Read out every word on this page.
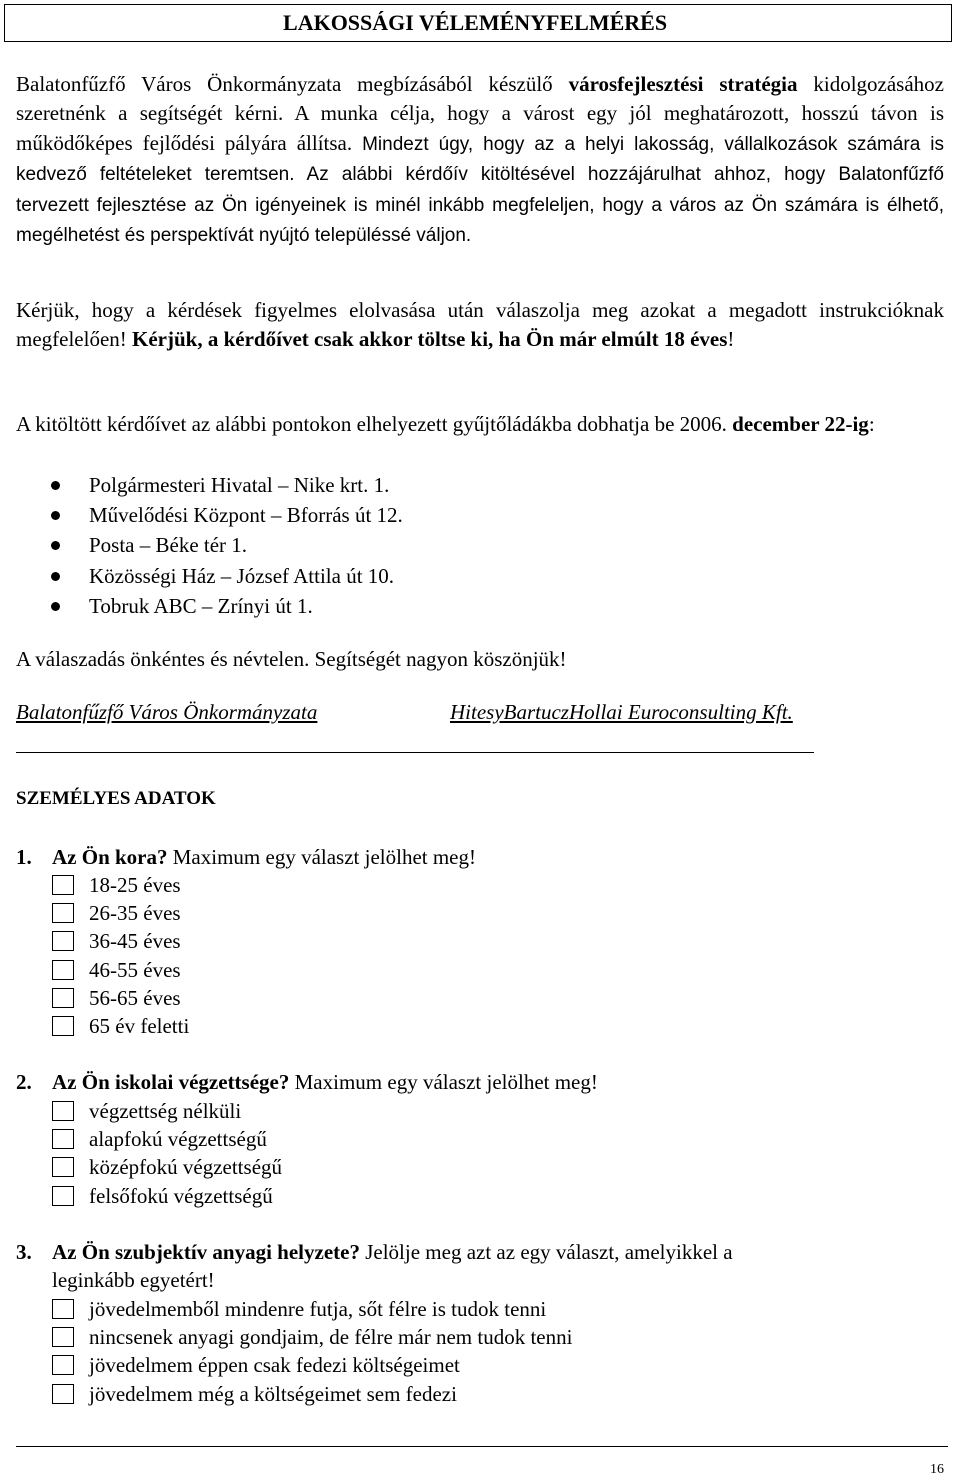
L AKOSSÁGI VÉLEMÉNYFELMÉRÉS
Balatonfűzfő Város Önkormányzata megbízásából készülő városfejlesztési stratégia kidolgozásához szeretnénk a segítségét kérni. A munka célja, hogy a várost egy jól meghatározott, hosszú távon is működőképes fejlődési pályára állítsa. Mindezt úgy, hogy az a helyi lakosság, vállalkozások számára is kedvező feltételeket teremtsen. Az alábbi kérdőív kitöltésével hozzájárulhat ahhoz, hogy Balatonfűzfő tervezett fejlesztése az Ön igényeinek is minél inkább megfeleljen, hogy a város az Ön számára is élhető, megélhetést és perspektívát nyújtó településsé váljon.
Kérjük, hogy a kérdések figyelmes elolvasása után válaszolja meg azokat a megadott instrukcióknak megfelelően! Kérjük, a kérdőívet csak akkor töltse ki, ha Ön már elmúlt 18 éves!
A kitöltött kérdőívet az alábbi pontokon elhelyezett gyűjtőládákba dobhatja be 2006. december 22-ig:
Polgármesteri Hivatal – Nike krt. 1.
Művelődési Központ – Bforrás út 12.
Posta – Béke tér 1.
Közösségi Ház – József Attila út 10.
Tobruk ABC – Zrínyi út 1.
A válaszadás önkéntes és névtelen. Segítségét nagyon köszönjük!
Balatonfűzfő Város Önkormányzata	HitesyBartuczHollai Euroconsulting Kft.
SZEMÉLYES ADATOK
1. Az Ön kora? Maximum egy választ jelölhet meg!
18-25 éves
26-35 éves
36-45 éves
46-55 éves
56-65 éves
65 év feletti
2. Az Ön iskolai végzettsége? Maximum egy választ jelölhet meg!
végzettség nélküli
alapfokú végzettségű
középfokú végzettségű
felsőfokú végzettségű
3. Az Ön szubjektív anyagi helyzete? Jelölje meg azt az egy választ, amelyikkel a
leginkább egyetért!
jövedelmemből mindenre futja, sőt félre is tudok tenni
nincsenek anyagi gondjaim, de félre már nem tudok tenni
jövedelmem éppen csak fedezi költségeimet
jövedelmem még a költségeimet sem fedezi
16
